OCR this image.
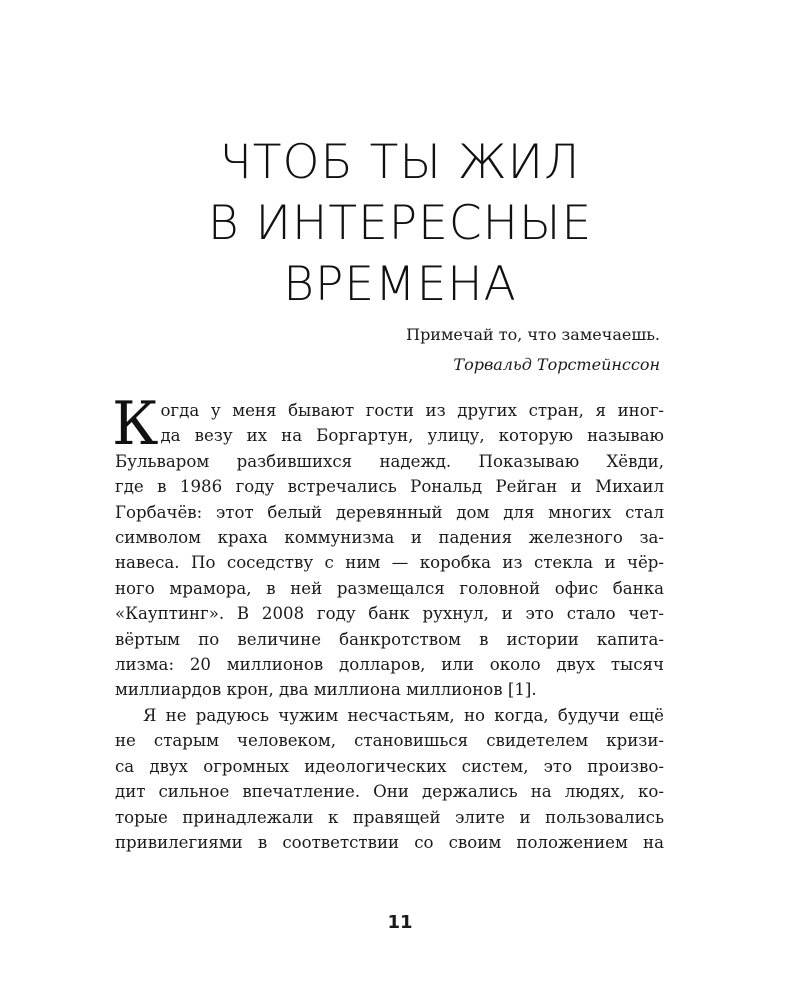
ЧТОБ ТЫ ЖИЛ
В ИНТЕРЕСНЫЕ
ВРЕМЕНА
Примечай то, что замечаешь.
Торвальд Торстейнссон
К огда у меня бывают гости из других стран, я иног-
да везу их на Боргартун, улицу, которую называю
Бульваром разбившихся надежд. Показываю Хёвди,
где в 1986 году встречались Рональд Рейган и Михаил
Горбачёв: этот белый деревянный дом для многих стал
символом краха коммунизма и падения железного за-
навеса. По соседству с ним — коробка из стекла и чёр-
ного мрамора, в ней размещался головной офис банка
«Кауптинг». В 2008 году банк рухнул, и это стало чет-
вёртым по величине банкротством в истории капита-
лизма: 20 миллионов долларов, или около двух тысяч
миллиардов крон, два миллиона миллионов [1].
Я не радуюсь чужим несчастьям, но когда, будучи ещё
не старым человеком, становишься свидетелем кризи-
са двух огромных идеологических систем, это произво-
дит сильное впечатление. Они держались на людях, ко-
торые принадлежали к правящей элите и пользовались
привилегиями в соответствии со своим положением на
11
